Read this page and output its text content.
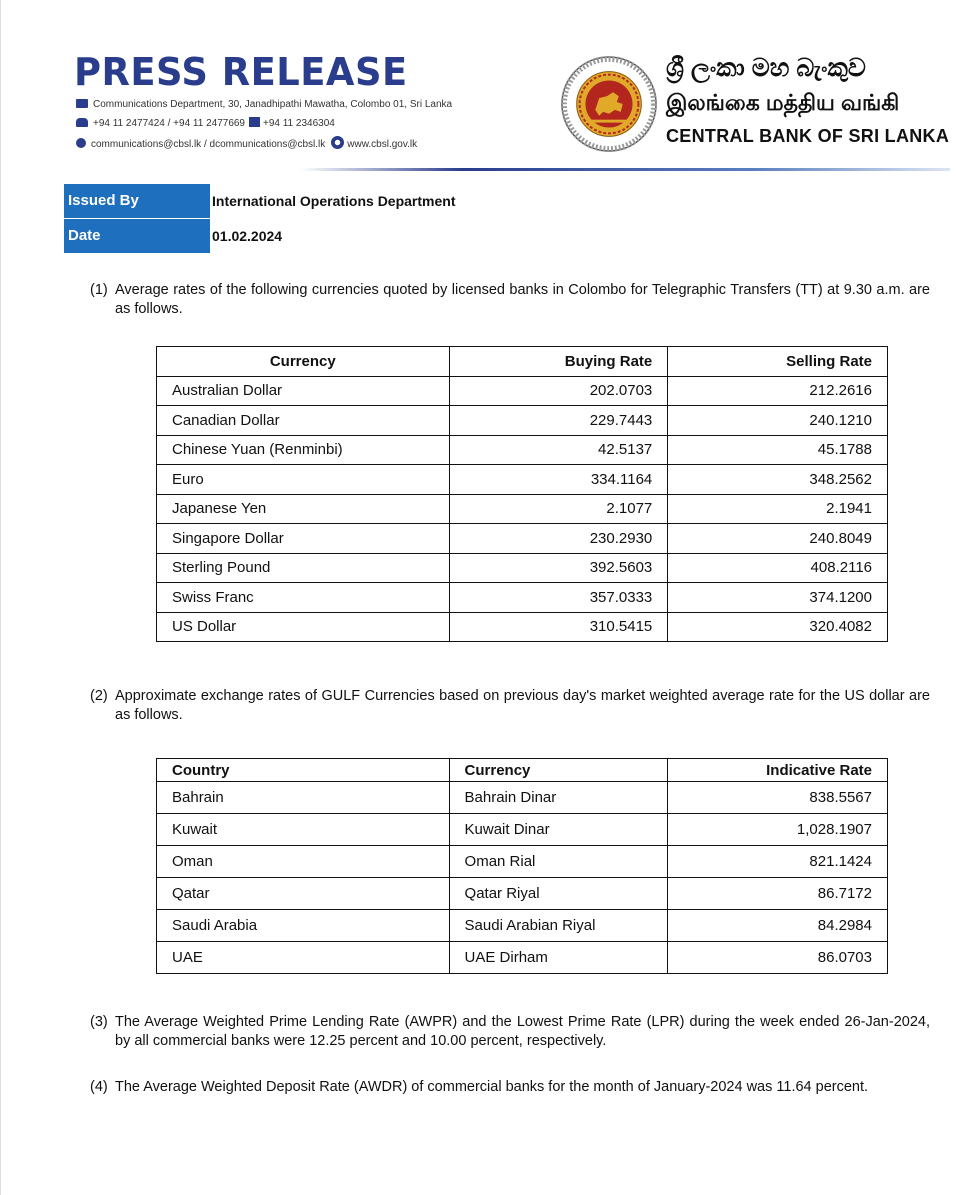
PRESS RELEASE
Communications Department, 30, Janadhipathi Mawatha, Colombo 01, Sri Lanka
+94 11 2477424 / +94 11 2477669 +94 11 2346304
communications@cbsl.lk / dcommunications@cbsl.lk www.cbsl.gov.lk
ශ්‍රී ලංකා මහ බැංකුව
இலங்கை மத்திய வங்கி
CENTRAL BANK OF SRI LANKA
Issued By	International Operations Department
Date	01.02.2024
(1) Average rates of the following currencies quoted by licensed banks in Colombo for Telegraphic Transfers (TT) at 9.30 a.m. are as follows.
Currency	Buying Rate	Selling Rate
Australian Dollar	202.0703	212.2616
Canadian Dollar	229.7443	240.1210
Chinese Yuan (Renminbi)	42.5137	45.1788
Euro	334.1164	348.2562
Japanese Yen	2.1077	2.1941
Singapore Dollar	230.2930	240.8049
Sterling Pound	392.5603	408.2116
Swiss Franc	357.0333	374.1200
US Dollar	310.5415	320.4082
(2) Approximate exchange rates of GULF Currencies based on previous day's market weighted average rate for the US dollar are as follows.
Country	Currency	Indicative Rate
Bahrain	Bahrain Dinar	838.5567
Kuwait	Kuwait Dinar	1,028.1907
Oman	Oman Rial	821.1424
Qatar	Qatar Riyal	86.7172
Saudi Arabia	Saudi Arabian Riyal	84.2984
UAE	UAE Dirham	86.0703
(3) The Average Weighted Prime Lending Rate (AWPR) and the Lowest Prime Rate (LPR) during the week ended 26-Jan-2024, by all commercial banks were 12.25 percent and 10.00 percent, respectively.
(4) The Average Weighted Deposit Rate (AWDR) of commercial banks for the month of January-2024 was 11.64 percent.
